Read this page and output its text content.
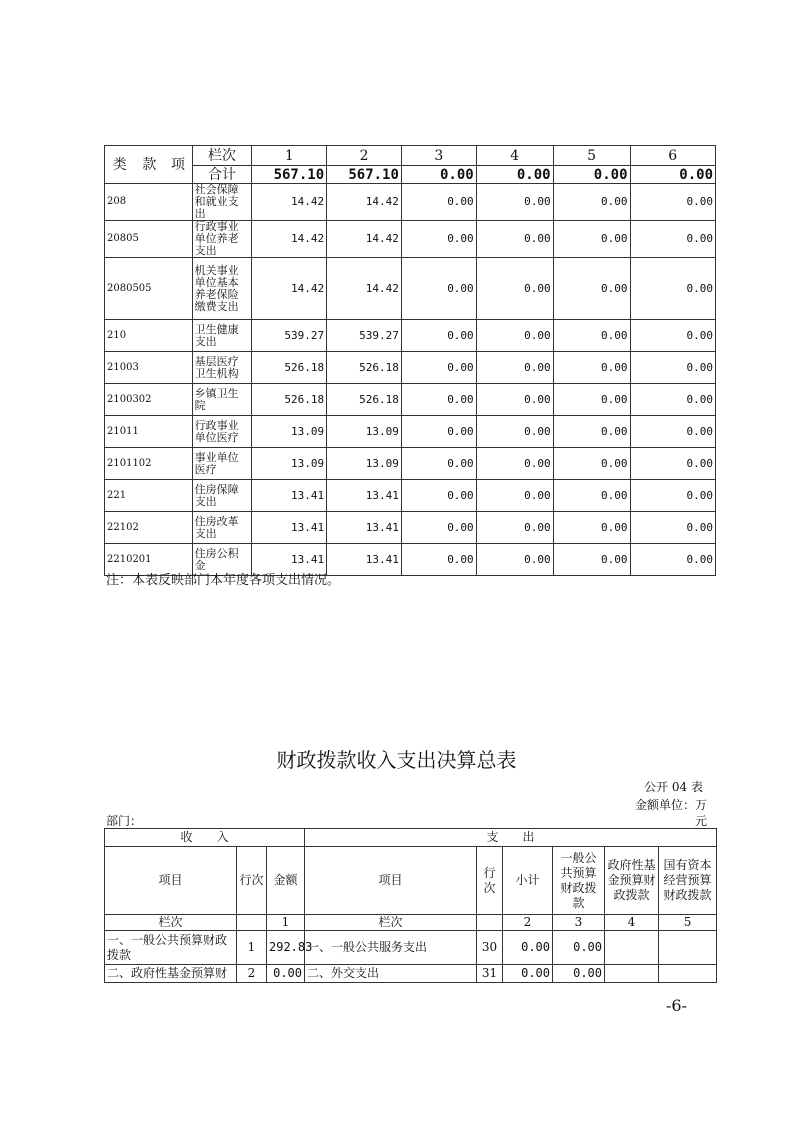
类	款	项	栏次	1	2	3	4	5	6
			合计	567.10	567.10	0.00	0.00	0.00	0.00
208			社会保障和就业支出	14.42	14.42	0.00	0.00	0.00	0.00
20805			行政事业单位养老支出	14.42	14.42	0.00	0.00	0.00	0.00
2080505			机关事业单位基本养老保险缴费支出	14.42	14.42	0.00	0.00	0.00	0.00
210			卫生健康支出	539.27	539.27	0.00	0.00	0.00	0.00
21003			基层医疗卫生机构	526.18	526.18	0.00	0.00	0.00	0.00
2100302			乡镇卫生院	526.18	526.18	0.00	0.00	0.00	0.00
21011			行政事业单位医疗	13.09	13.09	0.00	0.00	0.00	0.00
2101102			事业单位医疗	13.09	13.09	0.00	0.00	0.00	0.00
221			住房保障支出	13.41	13.41	0.00	0.00	0.00	0.00
22102			住房改革支出	13.41	13.41	0.00	0.00	0.00	0.00
2210201			住房公积金	13.41	13.41	0.00	0.00	0.00	0.00
注：本表反映部门本年度各项支出情况。
财政拨款收入支出决算总表
公开 04 表
金额单位：万
部门：	元
收　　入			支　　出					
项目	行次	金额	项目	行次	小计	一般公共预算财政拨款	政府性基金预算财政拨款	国有资本经营预算财政拨款
栏次		1	栏次		2	3	4	5
一、一般公共预算财政拨款	1	292.83	一、一般公共服务支出	30	0.00	0.00		
二、政府性基金预算财	2	0.00	二、外交支出	31	0.00	0.00		
-6-
